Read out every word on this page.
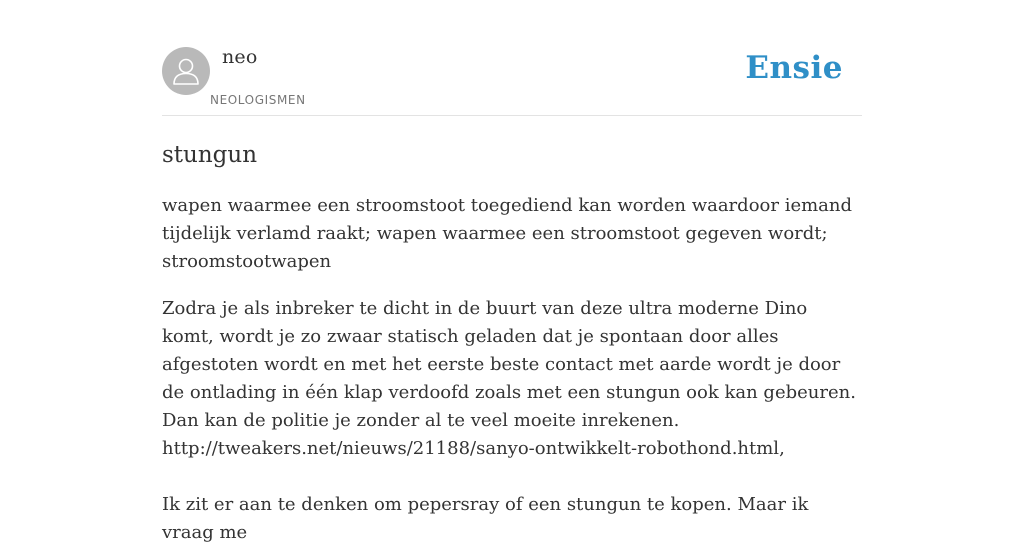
neo
NEOLOGISMEN
Ensie
stungun

wapen waarmee een stroomstoot toegediend kan worden waardoor iemand tijdelijk verlamd raakt; wapen waarmee een stroomstoot gegeven wordt; stroomstootwapen

Zodra je als inbreker te dicht in de buurt van deze ultra moderne Dino komt, wordt je zo zwaar statisch geladen dat je spontaan door alles afgestoten wordt en met het eerste beste contact met aarde wordt je door de ontlading in één klap verdoofd zoals met een stungun ook kan gebeuren. Dan kan de politie je zonder al te veel moeite inrekenen.
http://tweakers.net/nieuws/21188/sanyo-ontwikkelt-robothond.html,

Ik zit er aan te denken om pepersray of een stungun te kopen. Maar ik vraag me
